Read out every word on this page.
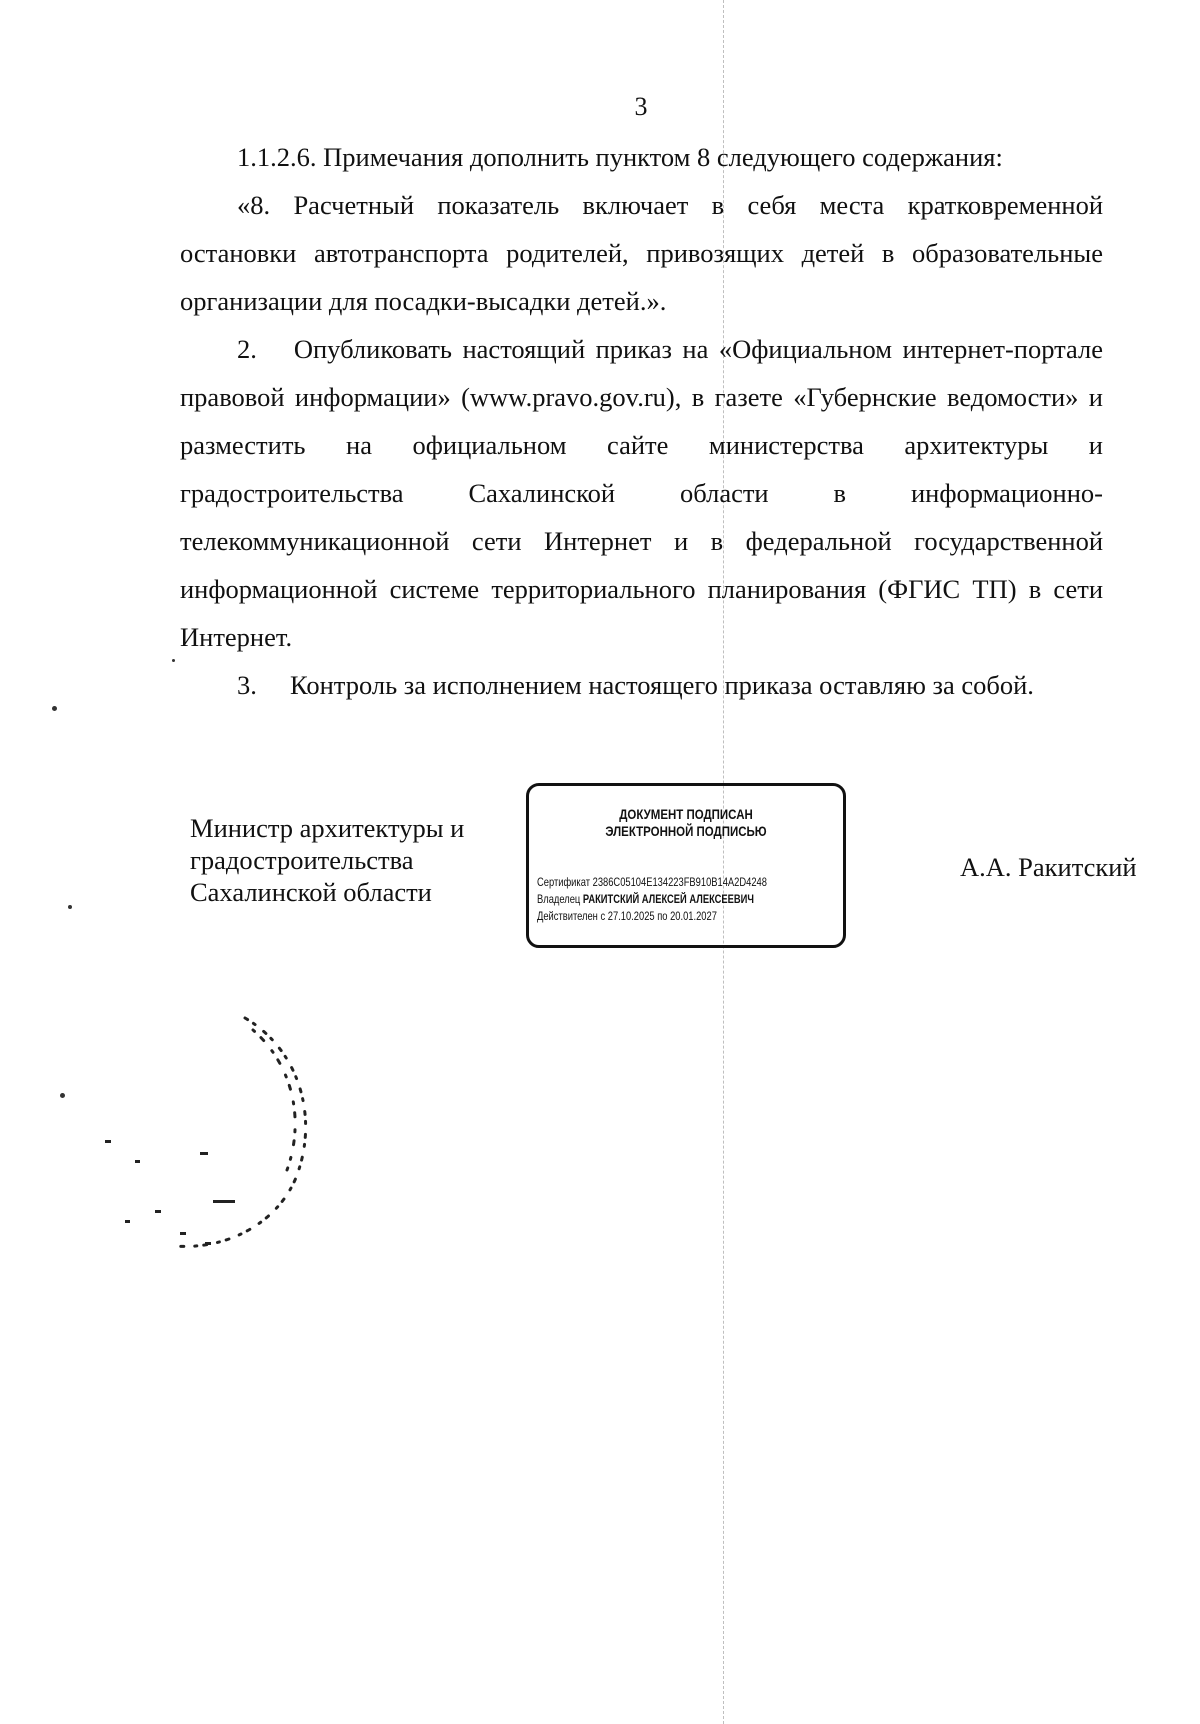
3

1.1.2.6. Примечания дополнить пунктом 8 следующего содержания:

«8. Расчетный показатель включает в себя места кратковременной остановки автотранспорта родителей, привозящих детей в образовательные организации для посадки-высадки детей.».

2.  Опубликовать настоящий приказ на «Официальном интернет-портале правовой информации» (www.pravo.gov.ru), в газете «Губернские ведомости» и разместить на официальном сайте министерства архитектуры и градостроительства Сахалинской области в информационно-телекоммуникационной сети Интернет и в федеральной государственной информационной системе территориального планирования (ФГИС ТП) в сети Интернет.

3.  Контроль за исполнением настоящего приказа оставляю за собой.

Министр архитектуры и
градостроительства
Сахалинской области
ДОКУМЕНТ ПОДПИСАН
ЭЛЕКТРОННОЙ ПОДПИСЬЮ
Сертификат 2386C05104E134223FB910B14A2D4248
Владелец РАКИТСКИЙ АЛЕКСЕЙ АЛЕКСЕЕВИЧ
Действителен с 27.10.2025 по 20.01.2027

А.А. Ракитский
